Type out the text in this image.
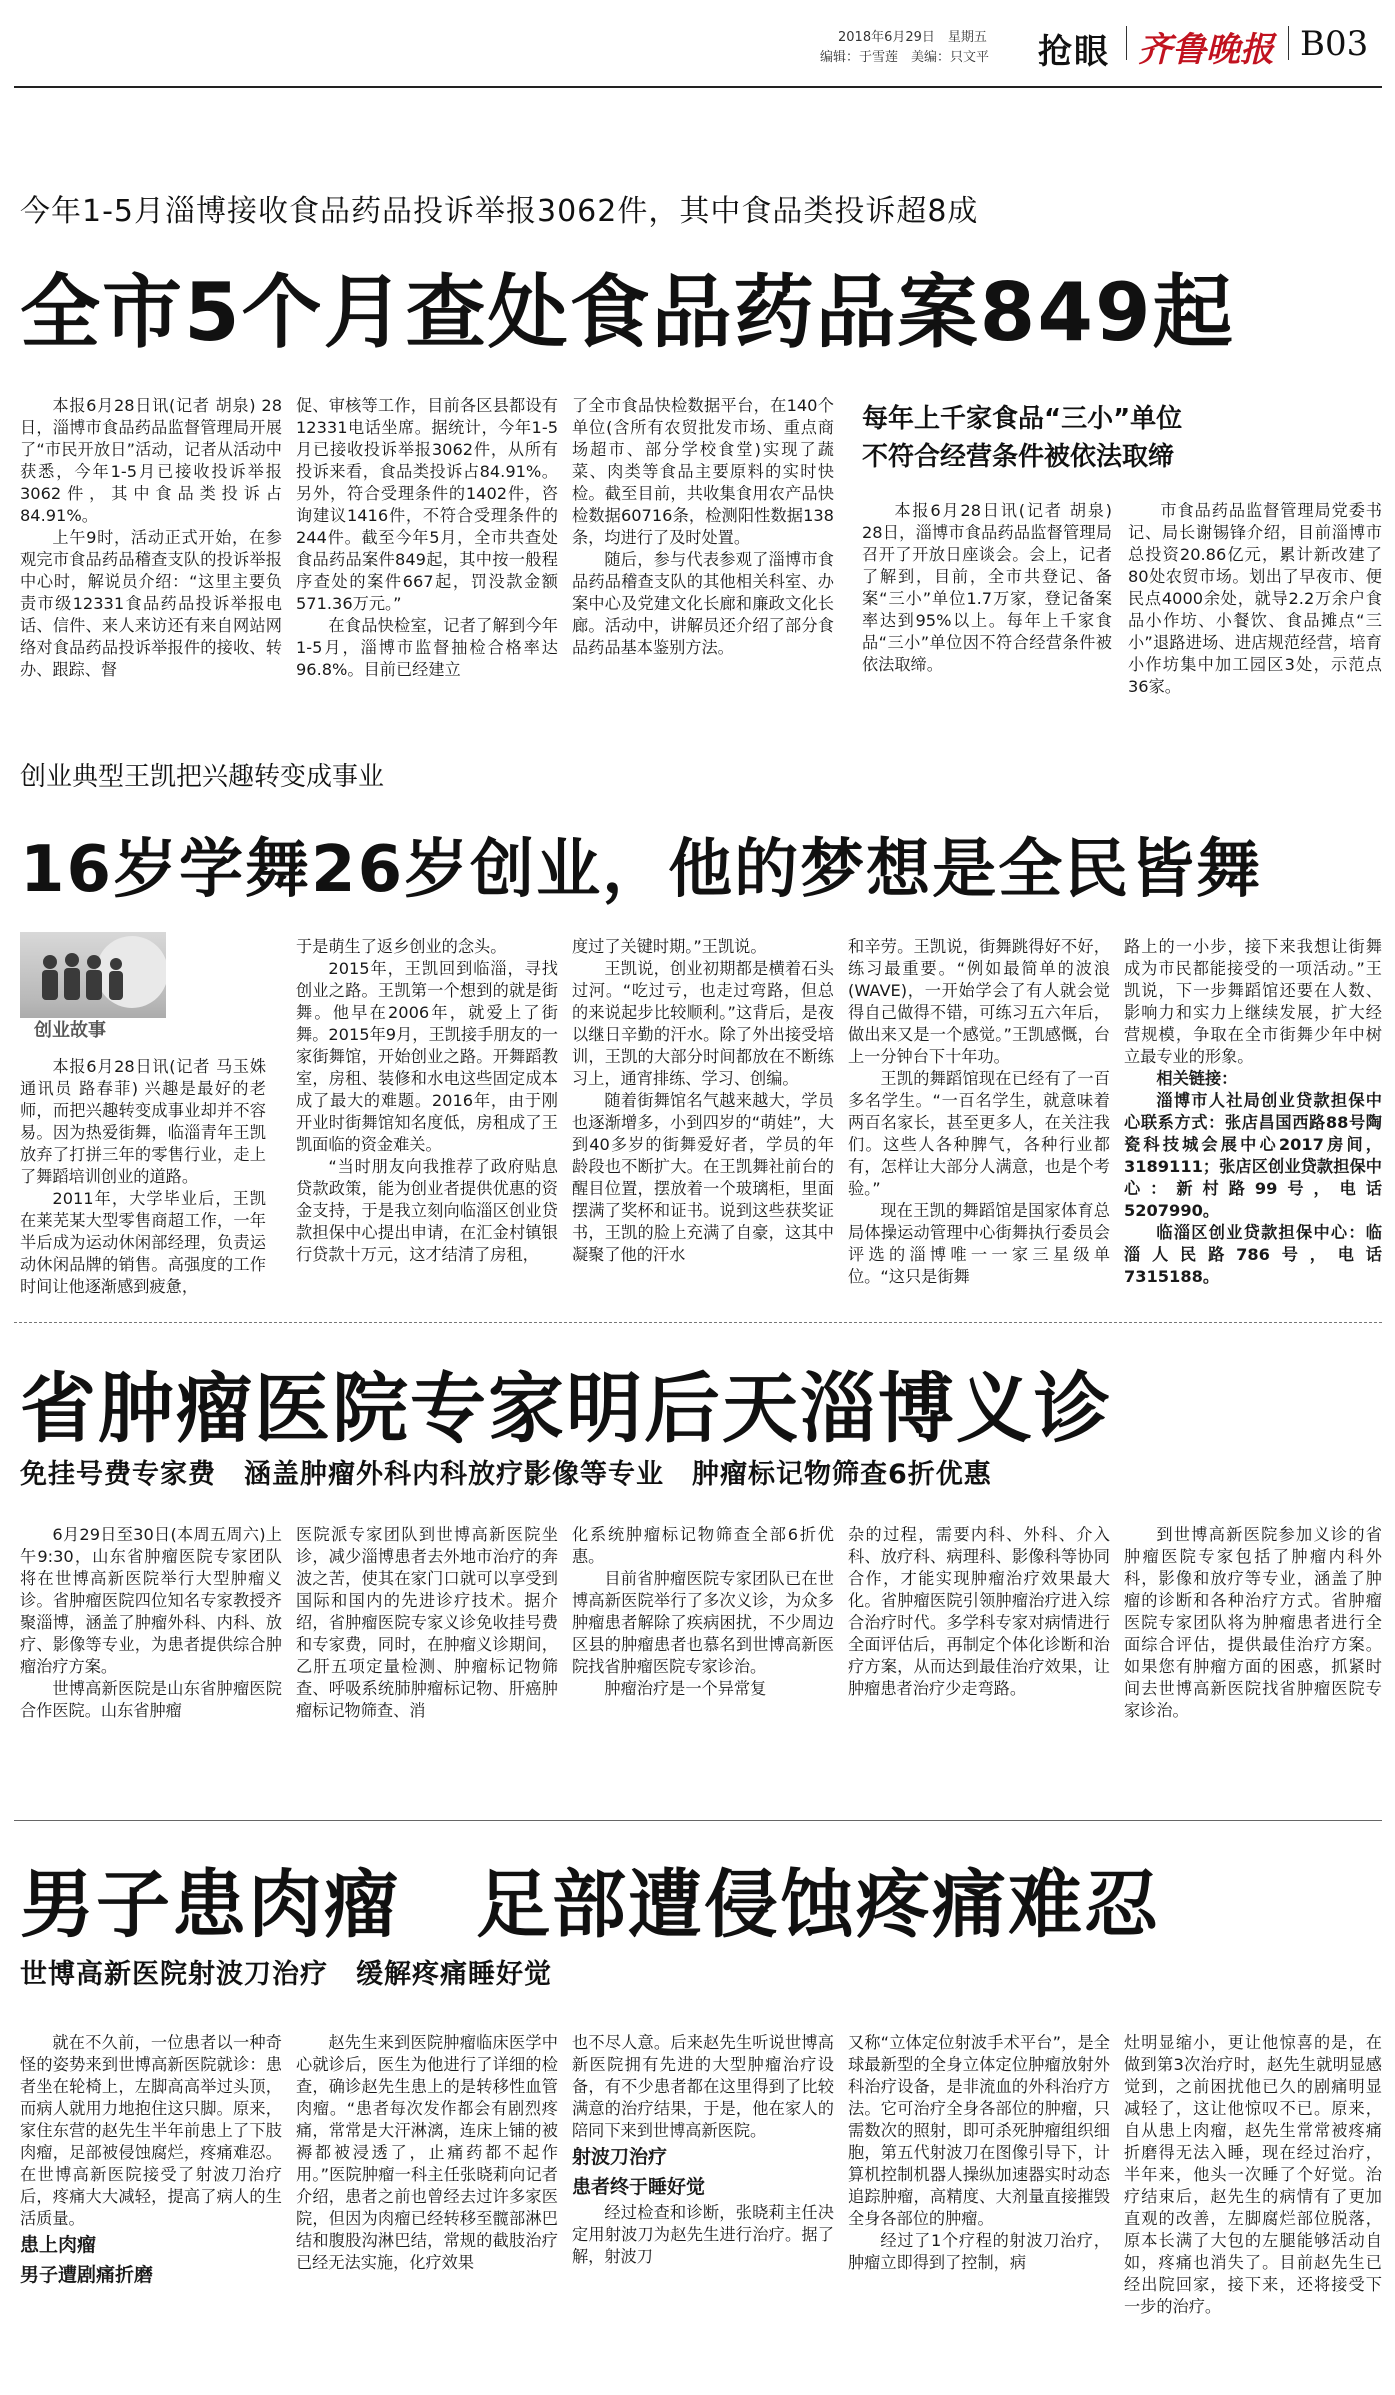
2018年6月29日　星期五
编辑：于雪莲　美编：只文平 抢眼 齐鲁晚报 B03
今年1-5月淄博接收食品药品投诉举报3062件，其中食品类投诉超8成
全市5个月查处食品药品案849起

本报6月28日讯(记者 胡泉) 28日，淄博市食品药品监督管理局开展了“市民开放日”活动，记者从活动中获悉，今年1-5月已接收投诉举报3062件，其中食品类投诉占84.91%。

上午9时，活动正式开始，在参观完市食品药品稽查支队的投诉举报中心时，解说员介绍：“这里主要负责市级12331食品药品投诉举报电话、信件、来人来访还有来自网站网络对食品药品投诉举报件的接收、转办、跟踪、督

促、审核等工作，目前各区县都设有12331电话坐席。据统计，今年1-5月已接收投诉举报3062件，从所有投诉来看，食品类投诉占84.91%。另外，符合受理条件的1402件，咨询建议1416件，不符合受理条件的244件。截至今年5月，全市共查处食品药品案件849起，其中按一般程序查处的案件667起，罚没款金额571.36万元。”

在食品快检室，记者了解到今年1-5月，淄博市监督抽检合格率达96.8%。目前已经建立

了全市食品快检数据平台，在140个单位(含所有农贸批发市场、重点商场超市、部分学校食堂)实现了蔬菜、肉类等食品主要原料的实时快检。截至目前，共收集食用农产品快检数据60716条，检测阳性数据138条，均进行了及时处置。

随后，参与代表参观了淄博市食品药品稽查支队的其他相关科室、办案中心及党建文化长廊和廉政文化长廊。活动中，讲解员还介绍了部分食品药品基本鉴别方法。

每年上千家食品“三小”单位
不符合经营条件被依法取缔

本报6月28日讯(记者 胡泉) 28日，淄博市食品药品监督管理局召开了开放日座谈会。会上，记者了解到，目前，全市共登记、备案“三小”单位1.7万家，登记备案率达到95%以上。每年上千家食品“三小”单位因不符合经营条件被依法取缔。

市食品药品监督管理局党委书记、局长谢锡锋介绍，目前淄博市总投资20.86亿元，累计新改建了80处农贸市场。划出了早夜市、便民点4000余处，就导2.2万余户食品小作坊、小餐饮、食品摊点“三小”退路进场、进店规范经营，培育小作坊集中加工园区3处，示范点36家。

创业典型王凯把兴趣转变成事业
16岁学舞26岁创业，他的梦想是全民皆舞
创业故事

本报6月28日讯(记者 马玉姝 通讯员 路春菲) 兴趣是最好的老师，而把兴趣转变成事业却并不容易。因为热爱街舞，临淄青年王凯放弃了打拼三年的零售行业，走上了舞蹈培训创业的道路。

2011年，大学毕业后，王凯在莱芜某大型零售商超工作，一年半后成为运动休闲部经理，负责运动休闲品牌的销售。高强度的工作时间让他逐渐感到疲惫，

于是萌生了返乡创业的念头。

2015年，王凯回到临淄，寻找创业之路。王凯第一个想到的就是街舞。他早在2006年，就爱上了街舞。2015年9月，王凯接手朋友的一家街舞馆，开始创业之路。开舞蹈教室，房租、装修和水电这些固定成本成了最大的难题。2016年，由于刚开业时街舞馆知名度低，房租成了王凯面临的资金难关。

“当时朋友向我推荐了政府贴息贷款政策，能为创业者提供优惠的资金支持，于是我立刻向临淄区创业贷款担保中心提出申请，在汇金村镇银行贷款十万元，这才结清了房租，

度过了关键时期。”王凯说。

王凯说，创业初期都是横着石头过河。“吃过亏，也走过弯路，但总的来说起步比较顺利。”这背后，是夜以继日辛勤的汗水。除了外出接受培训，王凯的大部分时间都放在不断练习上，通宵排练、学习、创编。

随着街舞馆名气越来越大，学员也逐渐增多，小到四岁的“萌娃”，大到40多岁的街舞爱好者，学员的年龄段也不断扩大。在王凯舞社前台的醒目位置，摆放着一个玻璃柜，里面摆满了奖杯和证书。说到这些获奖证书，王凯的脸上充满了自豪，这其中凝聚了他的汗水

和辛劳。王凯说，街舞跳得好不好，练习最重要。“例如最简单的波浪(WAVE)，一开始学会了有人就会觉得自己做得不错，可练习五六年后，做出来又是一个感觉。”王凯感慨，台上一分钟台下十年功。

王凯的舞蹈馆现在已经有了一百多名学生。“一百名学生，就意味着两百名家长，甚至更多人，在关注我们。这些人各种脾气，各种行业都有，怎样让大部分人满意，也是个考验。”

现在王凯的舞蹈馆是国家体育总局体操运动管理中心街舞执行委员会评选的淄博唯一一家三星级单位。“这只是街舞

路上的一小步，接下来我想让街舞成为市民都能接受的一项活动。”王凯说，下一步舞蹈馆还要在人数、影响力和实力上继续发展，扩大经营规模，争取在全市街舞少年中树立最专业的形象。

相关链接：

淄博市人社局创业贷款担保中心联系方式：张店昌国西路88号陶瓷科技城会展中心2017房间，3189111；张店区创业贷款担保中心：新村路99号，电话5207990。

临淄区创业贷款担保中心：临淄人民路786号，电话7315188。

省肿瘤医院专家明后天淄博义诊
免挂号费专家费　涵盖肿瘤外科内科放疗影像等专业　肿瘤标记物筛查6折优惠

6月29日至30日(本周五周六)上午9:30，山东省肿瘤医院专家团队将在世博高新医院举行大型肿瘤义诊。省肿瘤医院四位知名专家教授齐聚淄博，涵盖了肿瘤外科、内科、放疗、影像等专业，为患者提供综合肿瘤治疗方案。

世博高新医院是山东省肿瘤医院合作医院。山东省肿瘤

医院派专家团队到世博高新医院坐诊，减少淄博患者去外地市治疗的奔波之苦，使其在家门口就可以享受到国际和国内的先进诊疗技术。据介绍，省肿瘤医院专家义诊免收挂号费和专家费，同时，在肿瘤义诊期间，乙肝五项定量检测、肿瘤标记物筛查、呼吸系统肺肿瘤标记物、肝癌肿瘤标记物筛查、消

化系统肿瘤标记物筛查全部6折优惠。

目前省肿瘤医院专家团队已在世博高新医院举行了多次义诊，为众多肿瘤患者解除了疾病困扰，不少周边区县的肿瘤患者也慕名到世博高新医院找省肿瘤医院专家诊治。

肿瘤治疗是一个异常复

杂的过程，需要内科、外科、介入科、放疗科、病理科、影像科等协同合作，才能实现肿瘤治疗效果最大化。省肿瘤医院引领肿瘤治疗进入综合治疗时代。多学科专家对病情进行全面评估后，再制定个体化诊断和治疗方案，从而达到最佳治疗效果，让肿瘤患者治疗少走弯路。

到世博高新医院参加义诊的省肿瘤医院专家包括了肿瘤内科外科，影像和放疗等专业，涵盖了肿瘤的诊断和各种治疗方式。省肿瘤医院专家团队将为肿瘤患者进行全面综合评估，提供最佳治疗方案。如果您有肿瘤方面的困惑，抓紧时间去世博高新医院找省肿瘤医院专家诊治。

男子患肉瘤　足部遭侵蚀疼痛难忍
世博高新医院射波刀治疗　缓解疼痛睡好觉

就在不久前，一位患者以一种奇怪的姿势来到世博高新医院就诊：患者坐在轮椅上，左脚高高举过头顶，而病人就用力地抱住这只脚。原来，家住东营的赵先生半年前患上了下肢肉瘤，足部被侵蚀腐烂，疼痛难忍。在世博高新医院接受了射波刀治疗后，疼痛大大减轻，提高了病人的生活质量。

患上肉瘤
男子遭剧痛折磨

赵先生来到医院肿瘤临床医学中心就诊后，医生为他进行了详细的检查，确诊赵先生患上的是转移性血管肉瘤。“患者每次发作都会有剧烈疼痛，常常是大汗淋漓，连床上铺的被褥都被浸透了，止痛药都不起作用。”医院肿瘤一科主任张晓莉向记者介绍，患者之前也曾经去过许多家医院，但因为肉瘤已经转移至髋部淋巴结和腹股沟淋巴结，常规的截肢治疗已经无法实施，化疗效果

也不尽人意。后来赵先生听说世博高新医院拥有先进的大型肿瘤治疗设备，有不少患者都在这里得到了比较满意的治疗结果，于是，他在家人的陪同下来到世博高新医院。

射波刀治疗
患者终于睡好觉

经过检查和诊断，张晓莉主任决定用射波刀为赵先生进行治疗。据了解，射波刀

又称“立体定位射波手术平台”，是全球最新型的全身立体定位肿瘤放射外科治疗设备，是非流血的外科治疗方法。它可治疗全身各部位的肿瘤，只需数次的照射，即可杀死肿瘤组织细胞，第五代射波刀在图像引导下，计算机控制机器人操纵加速器实时动态追踪肿瘤，高精度、大剂量直接摧毁全身各部位的肿瘤。

经过了1个疗程的射波刀治疗，肿瘤立即得到了控制，病

灶明显缩小，更让他惊喜的是，在做到第3次治疗时，赵先生就明显感觉到，之前困扰他已久的剧痛明显减轻了，这让他惊叹不已。原来，自从患上肉瘤，赵先生常常被疼痛折磨得无法入睡，现在经过治疗，半年来，他头一次睡了个好觉。治疗结束后，赵先生的病情有了更加直观的改善，左脚腐烂部位脱落，原本长满了大包的左腿能够活动自如，疼痛也消失了。目前赵先生已经出院回家，接下来，还将接受下一步的治疗。
